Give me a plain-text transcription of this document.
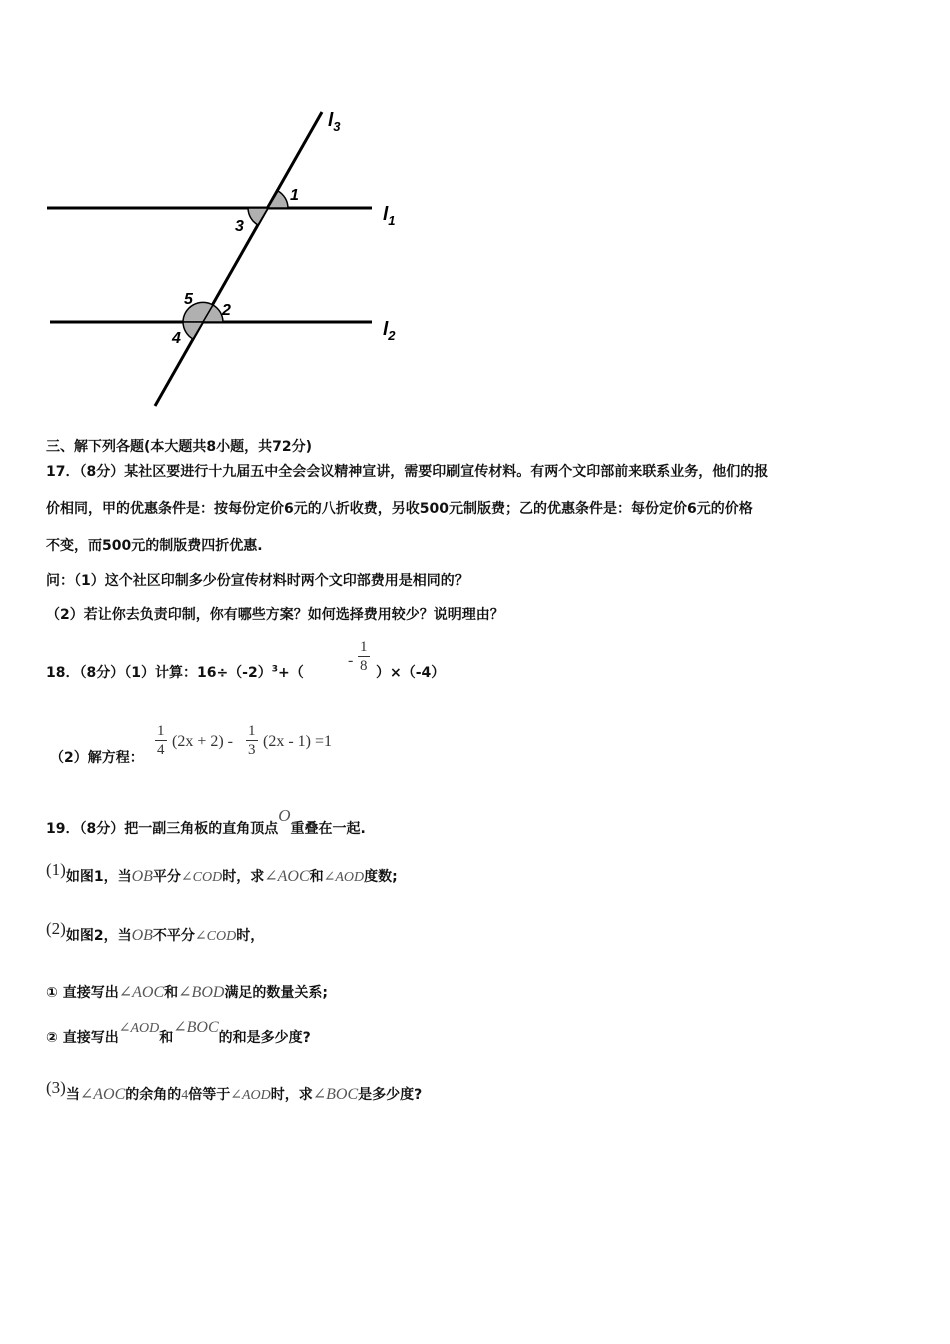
$l_3$
$l_1$
$l_2$
1
3
5
2
4
三、解下列各题(本大题共8小题，共72分)
17．（8分）某社区要进行十九届五中全会会议精神宣讲，需要印刷宣传材料。有两个文印部前来联系业务，他们的报
价相同，甲的优惠条件是：按每份定价6元的八折收费，另收500元制版费；乙的优惠条件是：每份定价6元的价格
不变，而500元的制版费四折优惠.
问：（1）这个社区印制多少份宣传材料时两个文印部费用是相同的？
（2）若让你去负责印制，你有哪些方案？如何选择费用较少？说明理由？
18．（8分）（1）计算：$16\div(-2)^3+$（
- $\frac{1}{8} )\times(-4)$
（2）解方程： $\frac{1}{4} (2x + 2) - \frac{1}{3} (2x - 1) =1$
19．（8分）把一副三角板的直角顶点O重叠在一起.
(1)如图1，当OB平分∠COD时，求∠AOC和∠AOD度数;
(2)如图2，当OB不平分∠COD时，
① 直接写出∠AOC和∠BOD满足的数量关系;
② 直接写出∠AOD和∠BOC的和是多少度?
(3)当∠AOC的余角的4倍等于∠AOD时，求∠BOC是多少度?
